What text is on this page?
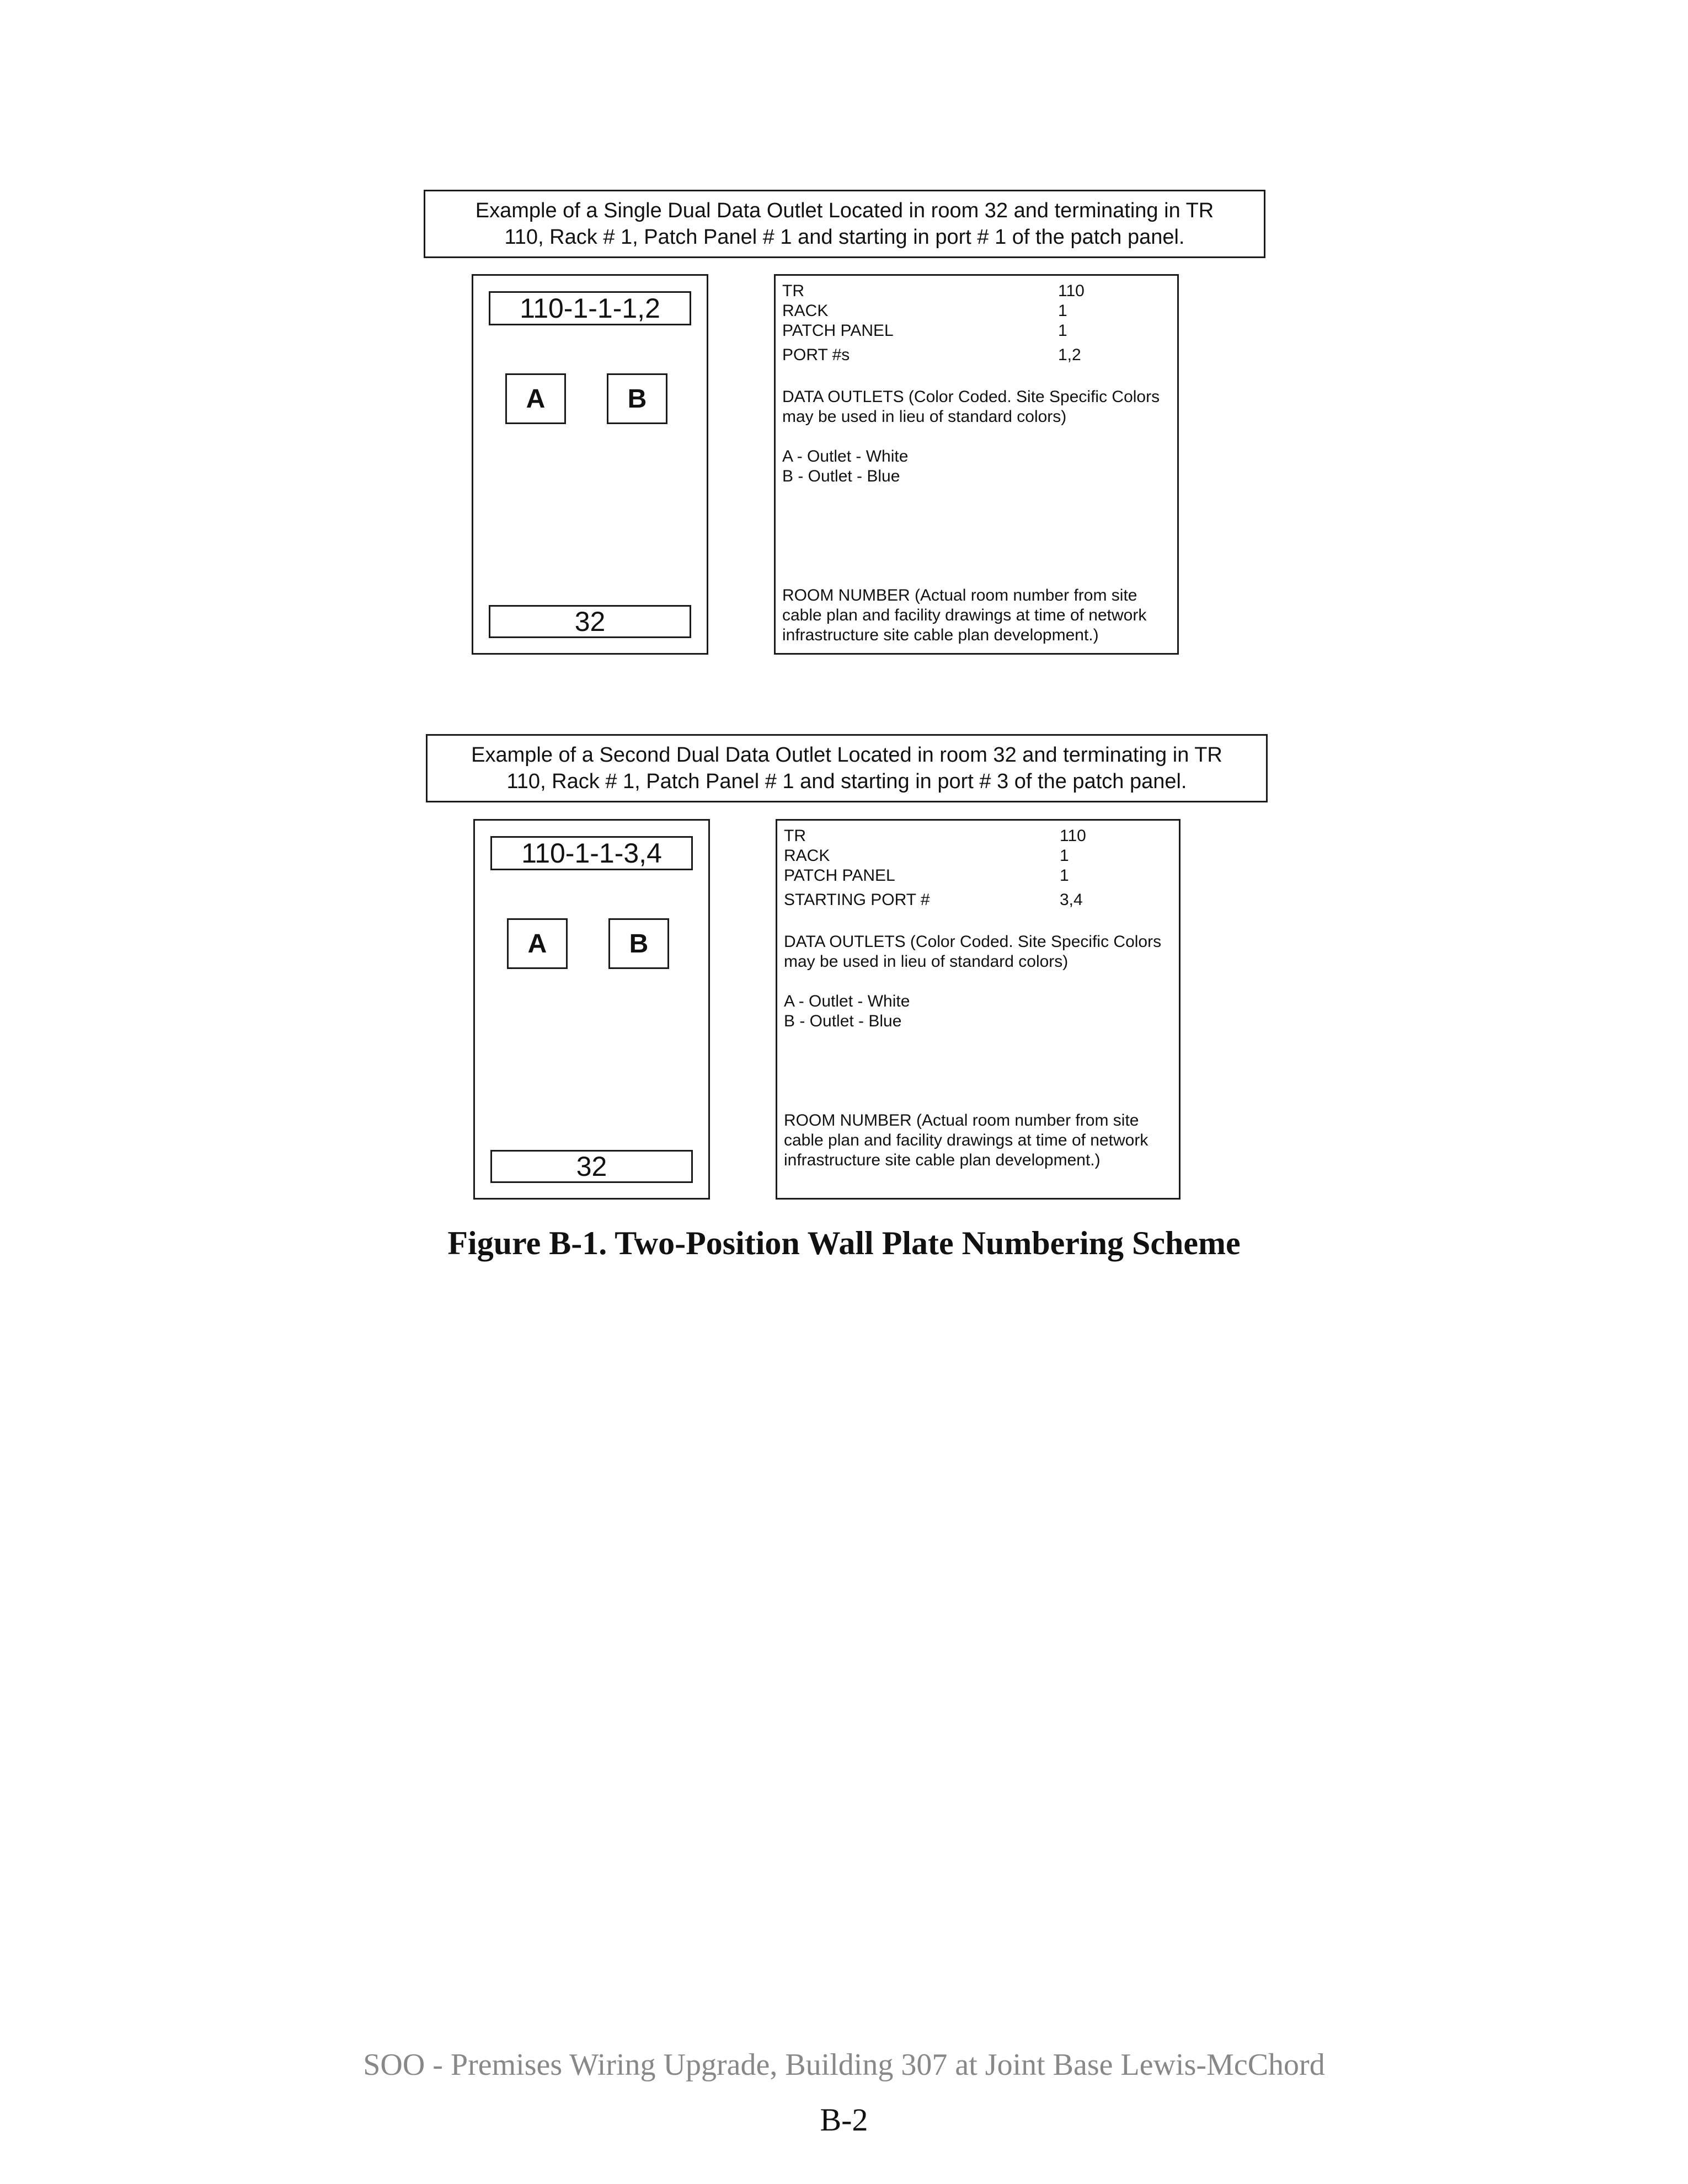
Example of a Single Dual Data Outlet Located in room 32 and terminating in TR
110, Rack # 1, Patch Panel # 1 and starting in port # 1 of the patch panel.
110-1-1-1,2
A	B
32
TR	110
RACK	1
PATCH PANEL	1
PORT #s	1,2
DATA OUTLETS (Color Coded. Site Specific Colors
may be used in lieu of standard colors)
A - Outlet - White
B - Outlet - Blue
ROOM NUMBER (Actual room number from site
cable plan and facility drawings at time of network
infrastructure site cable plan development.)
Example of a Second Dual Data Outlet Located in room 32 and terminating in TR
110, Rack # 1, Patch Panel # 1 and starting in port # 3 of the patch panel.
110-1-1-3,4
A	B
32
TR	110
RACK	1
PATCH PANEL	1
STARTING PORT #	3,4
DATA OUTLETS (Color Coded. Site Specific Colors
may be used in lieu of standard colors)
A - Outlet - White
B - Outlet - Blue
ROOM NUMBER (Actual room number from site
cable plan and facility drawings at time of network
infrastructure site cable plan development.)
Figure B-1. Two-Position Wall Plate Numbering Scheme
SOO - Premises Wiring Upgrade, Building 307 at Joint Base Lewis-McChord
B-2
